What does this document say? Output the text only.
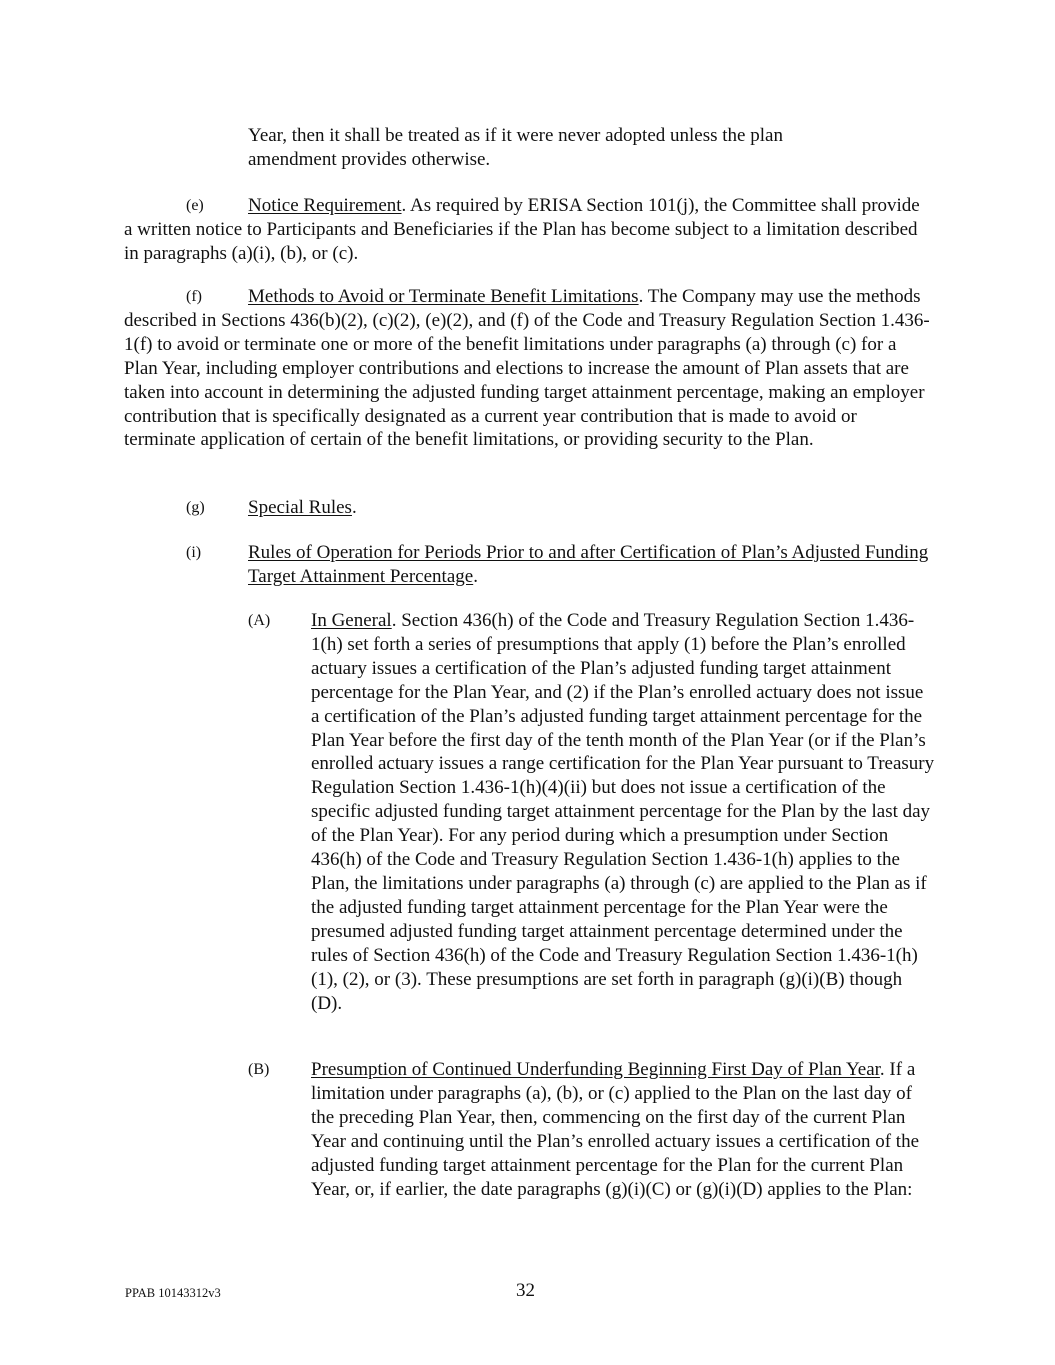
Year, then it shall be treated as if it were never adopted unless the plan amendment provides otherwise.

(e)	Notice Requirement. As required by ERISA Section 101(j), the Committee shall provide a written notice to Participants and Beneficiaries if the Plan has become subject to a limitation described in paragraphs (a)(i), (b), or (c).

(f)	Methods to Avoid or Terminate Benefit Limitations. The Company may use the methods described in Sections 436(b)(2), (c)(2), (e)(2), and (f) of the Code and Treasury Regulation Section 1.436-1(f) to avoid or terminate one or more of the benefit limitations under paragraphs (a) through (c) for a Plan Year, including employer contributions and elections to increase the amount of Plan assets that are taken into account in determining the adjusted funding target attainment percentage, making an employer contribution that is specifically designated as a current year contribution that is made to avoid or terminate application of certain of the benefit limitations, or providing security to the Plan.

(g) Special Rules.

(i) Rules of Operation for Periods Prior to and after Certification of Plan’s Adjusted Funding Target Attainment Percentage.

(A) In General. Section 436(h) of the Code and Treasury Regulation Section 1.436-1(h) set forth a series of presumptions that apply (1) before the Plan’s enrolled actuary issues a certification of the Plan’s adjusted funding target attainment percentage for the Plan Year, and (2) if the Plan’s enrolled actuary does not issue a certification of the Plan’s adjusted funding target attainment percentage for the Plan Year before the first day of the tenth month of the Plan Year (or if the Plan’s enrolled actuary issues a range certification for the Plan Year pursuant to Treasury Regulation Section 1.436-1(h)(4)(ii) but does not issue a certification of the specific adjusted funding target attainment percentage for the Plan by the last day of the Plan Year). For any period during which a presumption under Section 436(h) of the Code and Treasury Regulation Section 1.436-1(h) applies to the Plan, the limitations under paragraphs (a) through (c) are applied to the Plan as if the adjusted funding target attainment percentage for the Plan Year were the presumed adjusted funding target attainment percentage determined under the rules of Section 436(h) of the Code and Treasury Regulation Section 1.436-1(h)(1), (2), or (3). These presumptions are set forth in paragraph (g)(i)(B) though (D).

(B) Presumption of Continued Underfunding Beginning First Day of Plan Year. If a limitation under paragraphs (a), (b), or (c) applied to the Plan on the last day of the preceding Plan Year, then, commencing on the first day of the current Plan Year and continuing until the Plan’s enrolled actuary issues a certification of the adjusted funding target attainment percentage for the Plan for the current Plan Year, or, if earlier, the date paragraphs (g)(i)(C) or (g)(i)(D) applies to the Plan:

PPAB 10143312v3	32
